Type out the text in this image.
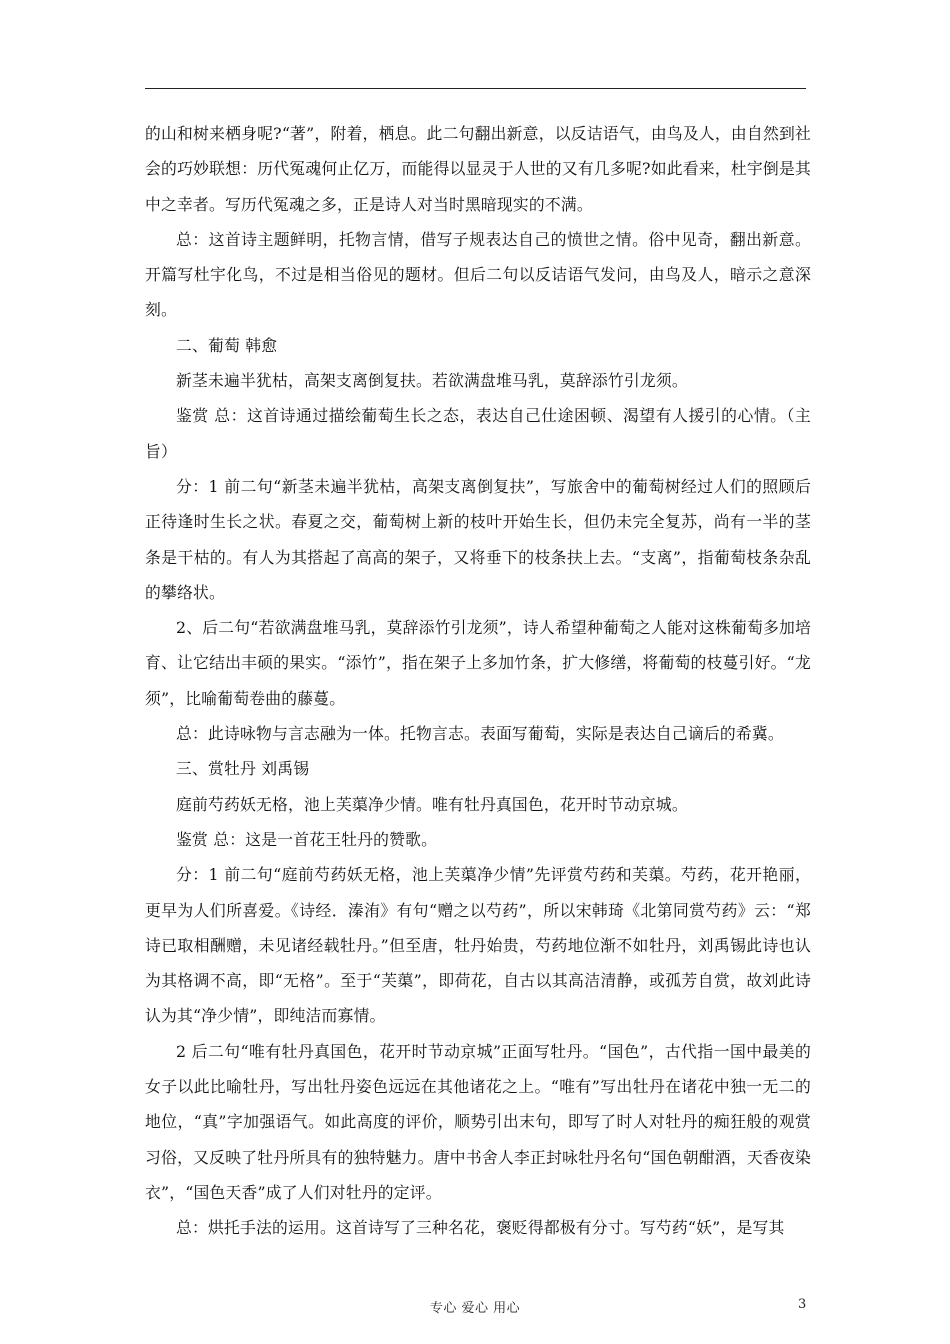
的山和树来栖身呢?“著”，附着，栖息。此二句翻出新意，以反诘语气，由鸟及人，由自然到社会的巧妙联想：历代冤魂何止亿万，而能得以显灵于人世的又有几多呢?如此看来，杜宇倒是其中之幸者。写历代冤魂之多，正是诗人对当时黑暗现实的不满。

总：这首诗主题鲜明，托物言情，借写子规表达自己的愤世之情。俗中见奇，翻出新意。开篇写杜宇化鸟，不过是相当俗见的题材。但后二句以反诘语气发问，由鸟及人，暗示之意深刻。

二、葡萄 韩愈

新茎未遍半犹枯，高架支离倒复扶。若欲满盘堆马乳，莫辞添竹引龙须。

鉴赏 总：这首诗通过描绘葡萄生长之态，表达自己仕途困顿、渴望有人援引的心情。（主旨）

分：1 前二句“新茎未遍半犹枯，高架支离倒复扶”，写旅舍中的葡萄树经过人们的照顾后正待逢时生长之状。春夏之交，葡萄树上新的枝叶开始生长，但仍未完全复苏，尚有一半的茎条是干枯的。有人为其搭起了高高的架子，又将垂下的枝条扶上去。“支离”，指葡萄枝条杂乱的攀络状。

2、后二句“若欲满盘堆马乳，莫辞添竹引龙须”，诗人希望种葡萄之人能对这株葡萄多加培育、让它结出丰硕的果实。“添竹”，指在架子上多加竹条，扩大修缮，将葡萄的枝蔓引好。“龙须”，比喻葡萄卷曲的藤蔓。

总：此诗咏物与言志融为一体。托物言志。表面写葡萄，实际是表达自己谪后的希冀。

三、赏牡丹 刘禹锡

庭前芍药妖无格，池上芙蕖净少情。唯有牡丹真国色，花开时节动京城。

鉴赏 总：这是一首花王牡丹的赞歌。

分：1 前二句“庭前芍药妖无格，池上芙蕖净少情”先评赏芍药和芙蕖。芍药，花开艳丽，更早为人们所喜爱。《诗经．溱洧》有句“赠之以芍药”，所以宋韩琦《北第同赏芍药》云：“郑诗已取相酬赠，未见诸经载牡丹。”但至唐，牡丹始贵，芍药地位渐不如牡丹，刘禹锡此诗也认为其格调不高，即“无格”。至于“芙蕖”，即荷花，自古以其高洁清静，或孤芳自赏，故刘此诗认为其“净少情”，即纯洁而寡情。

2 后二句“唯有牡丹真国色，花开时节动京城”正面写牡丹。“国色”，古代指一国中最美的女子以此比喻牡丹，写出牡丹姿色远远在其他诸花之上。“唯有”写出牡丹在诸花中独一无二的地位，“真”字加强语气。如此高度的评价，顺势引出末句，即写了时人对牡丹的痴狂般的观赏习俗，又反映了牡丹所具有的独特魅力。唐中书舍人李正封咏牡丹名句“国色朝酣酒，天香夜染衣”，“国色天香”成了人们对牡丹的定评。

总：烘托手法的运用。这首诗写了三种名花，褒贬得都极有分寸。写芍药“妖”，是写其

专心 爱心 用心	3
